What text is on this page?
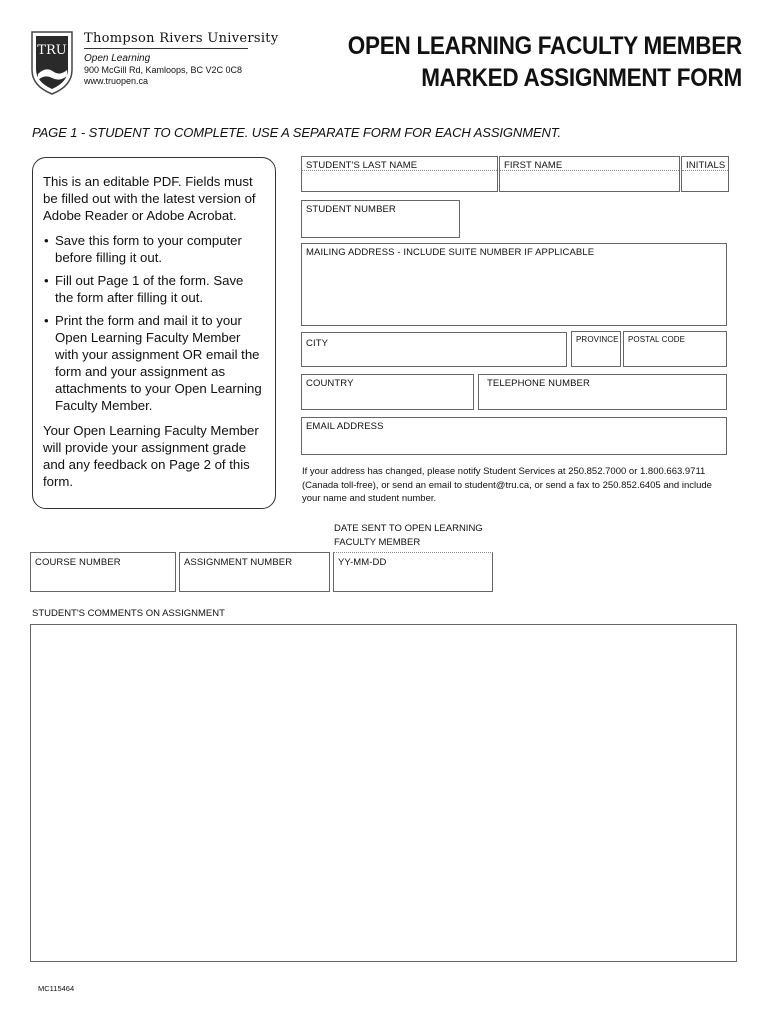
TRU
Thompson Rivers University
Open Learning
900 McGill Rd, Kamloops, BC V2C 0C8
www.truopen.ca
OPEN LEARNING FACULTY MEMBER
MARKED ASSIGNMENT FORM
PAGE 1 - STUDENT TO COMPLETE. USE A SEPARATE FORM FOR EACH ASSIGNMENT.

This is an editable PDF. Fields must be filled out with the latest version of Adobe Reader or Adobe Acrobat.

• Save this form to your computer before filling it out.
• Fill out Page 1 of the form. Save the form after filling it out.
• Print the form and mail it to your Open Learning Faculty Member with your assignment OR email the form and your assignment as attachments to your Open Learning Faculty Member.

Your Open Learning Faculty Member will provide your assignment grade and any feedback on Page 2 of this form.

STUDENT'S LAST NAME	FIRST NAME	INITIALS
STUDENT NUMBER
MAILING ADDRESS - INCLUDE SUITE NUMBER IF APPLICABLE
CITY	PROVINCE POSTAL CODE
COUNTRY	TELEPHONE NUMBER
EMAIL ADDRESS
If your address has changed, please notify Student Services at 250.852.7000 or 1.800.663.9711 (Canada toll-free), or send an email to student@tru.ca, or send a fax to 250.852.6405 and include your name and student number.
DATE SENT TO OPEN LEARNING FACULTY MEMBER
COURSE NUMBER	ASSIGNMENT NUMBER	YY-MM-DD
STUDENT'S COMMENTS ON ASSIGNMENT
MC115464
